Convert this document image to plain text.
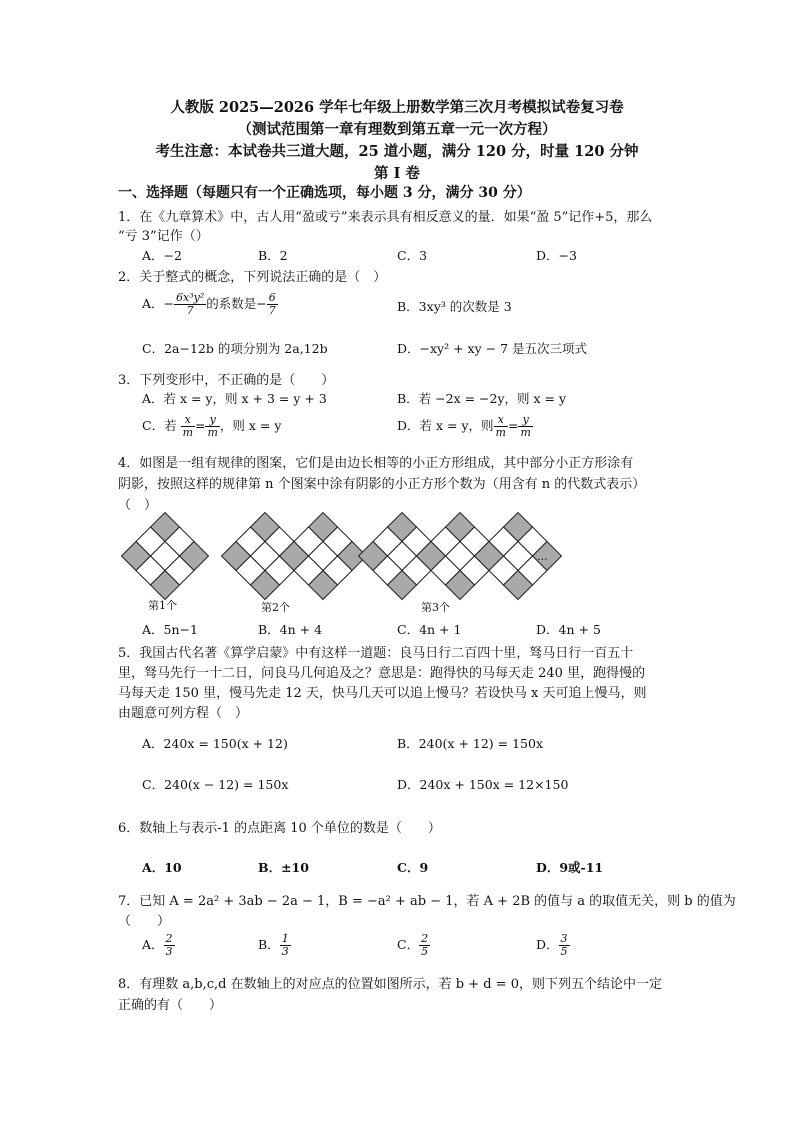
人教版 2025—2026 学年七年级上册数学第三次月考模拟试卷复习卷
（测试范围第一章有理数到第五章一元一次方程）
考生注意：本试卷共三道大题，25 道小题，满分 120 分，时量 120 分钟
第 I 卷
一、选择题（每题只有一个正确选项，每小题 3 分，满分 30 分）
1．在《九章算术》中，古人用“盈或亏”来表示具有相反意义的量．如果“盈 5”记作+5，那么
“亏 3”记作（）
A．−2	B．2	C．3	D．−3
2．关于整式的概念，下列说法正确的是（　）
A．− $\frac{\text{6x³y²}}{7}$ 的系数是− $\frac{6}{7}$	B．3xy³ 的次数是 3
C．2a−12b 的项分别为 2a,12b	D．−xy² + xy − 7 是五次三项式
3．下列变形中，不正确的是（　　）
A．若 x = y，则 x + 3 = y + 3	B．若 −2x = −2y，则 x = y
C．若 $\frac{x}{m} = \frac{y}{m}$ ，则 x = y	D．若 x = y，则 $\frac{x}{m} = \frac{y}{m}$
4．如图是一组有规律的图案，它们是由边长相等的小正方形组成，其中部分小正方形涂有
阴影，按照这样的规律第 n 个图案中涂有阴影的小正方形个数为（用含有 n 的代数式表示）
（　）
第1个	第2个	第3个
···
A．5n−1	B．4n + 4	C．4n + 1	D．4n + 5
5．我国古代名著《算学启蒙》中有这样一道题：良马日行二百四十里，驽马日行一百五十
里，驽马先行一十二日，问良马几何追及之？意思是：跑得快的马每天走 240 里，跑得慢的
马每天走 150 里，慢马先走 12 天，快马几天可以追上慢马？若设快马 x 天可追上慢马，则
由题意可列方程（　）
A．240x = 150(x + 12)	B．240(x + 12) = 150x
C．240(x − 12) = 150x	D．240x + 150x = 12×150
6．数轴上与表示-1 的点距离 10 个单位的数是（　　）
A．10	B．±10	C．9	D．9或-11
7．已知 A = 2a² + 3ab − 2a − 1，B = −a² + ab − 1，若 A + 2B 的值与 a 的取值无关，则 b 的值为
（　　）
A． $\frac{2}{3}$	B． $\frac{1}{3}$	C． $\frac{2}{5}$	D． $\frac{3}{5}$
8．有理数 a,b,c,d 在数轴上的对应点的位置如图所示，若 b + d = 0，则下列五个结论中一定
正确的有（　　）
